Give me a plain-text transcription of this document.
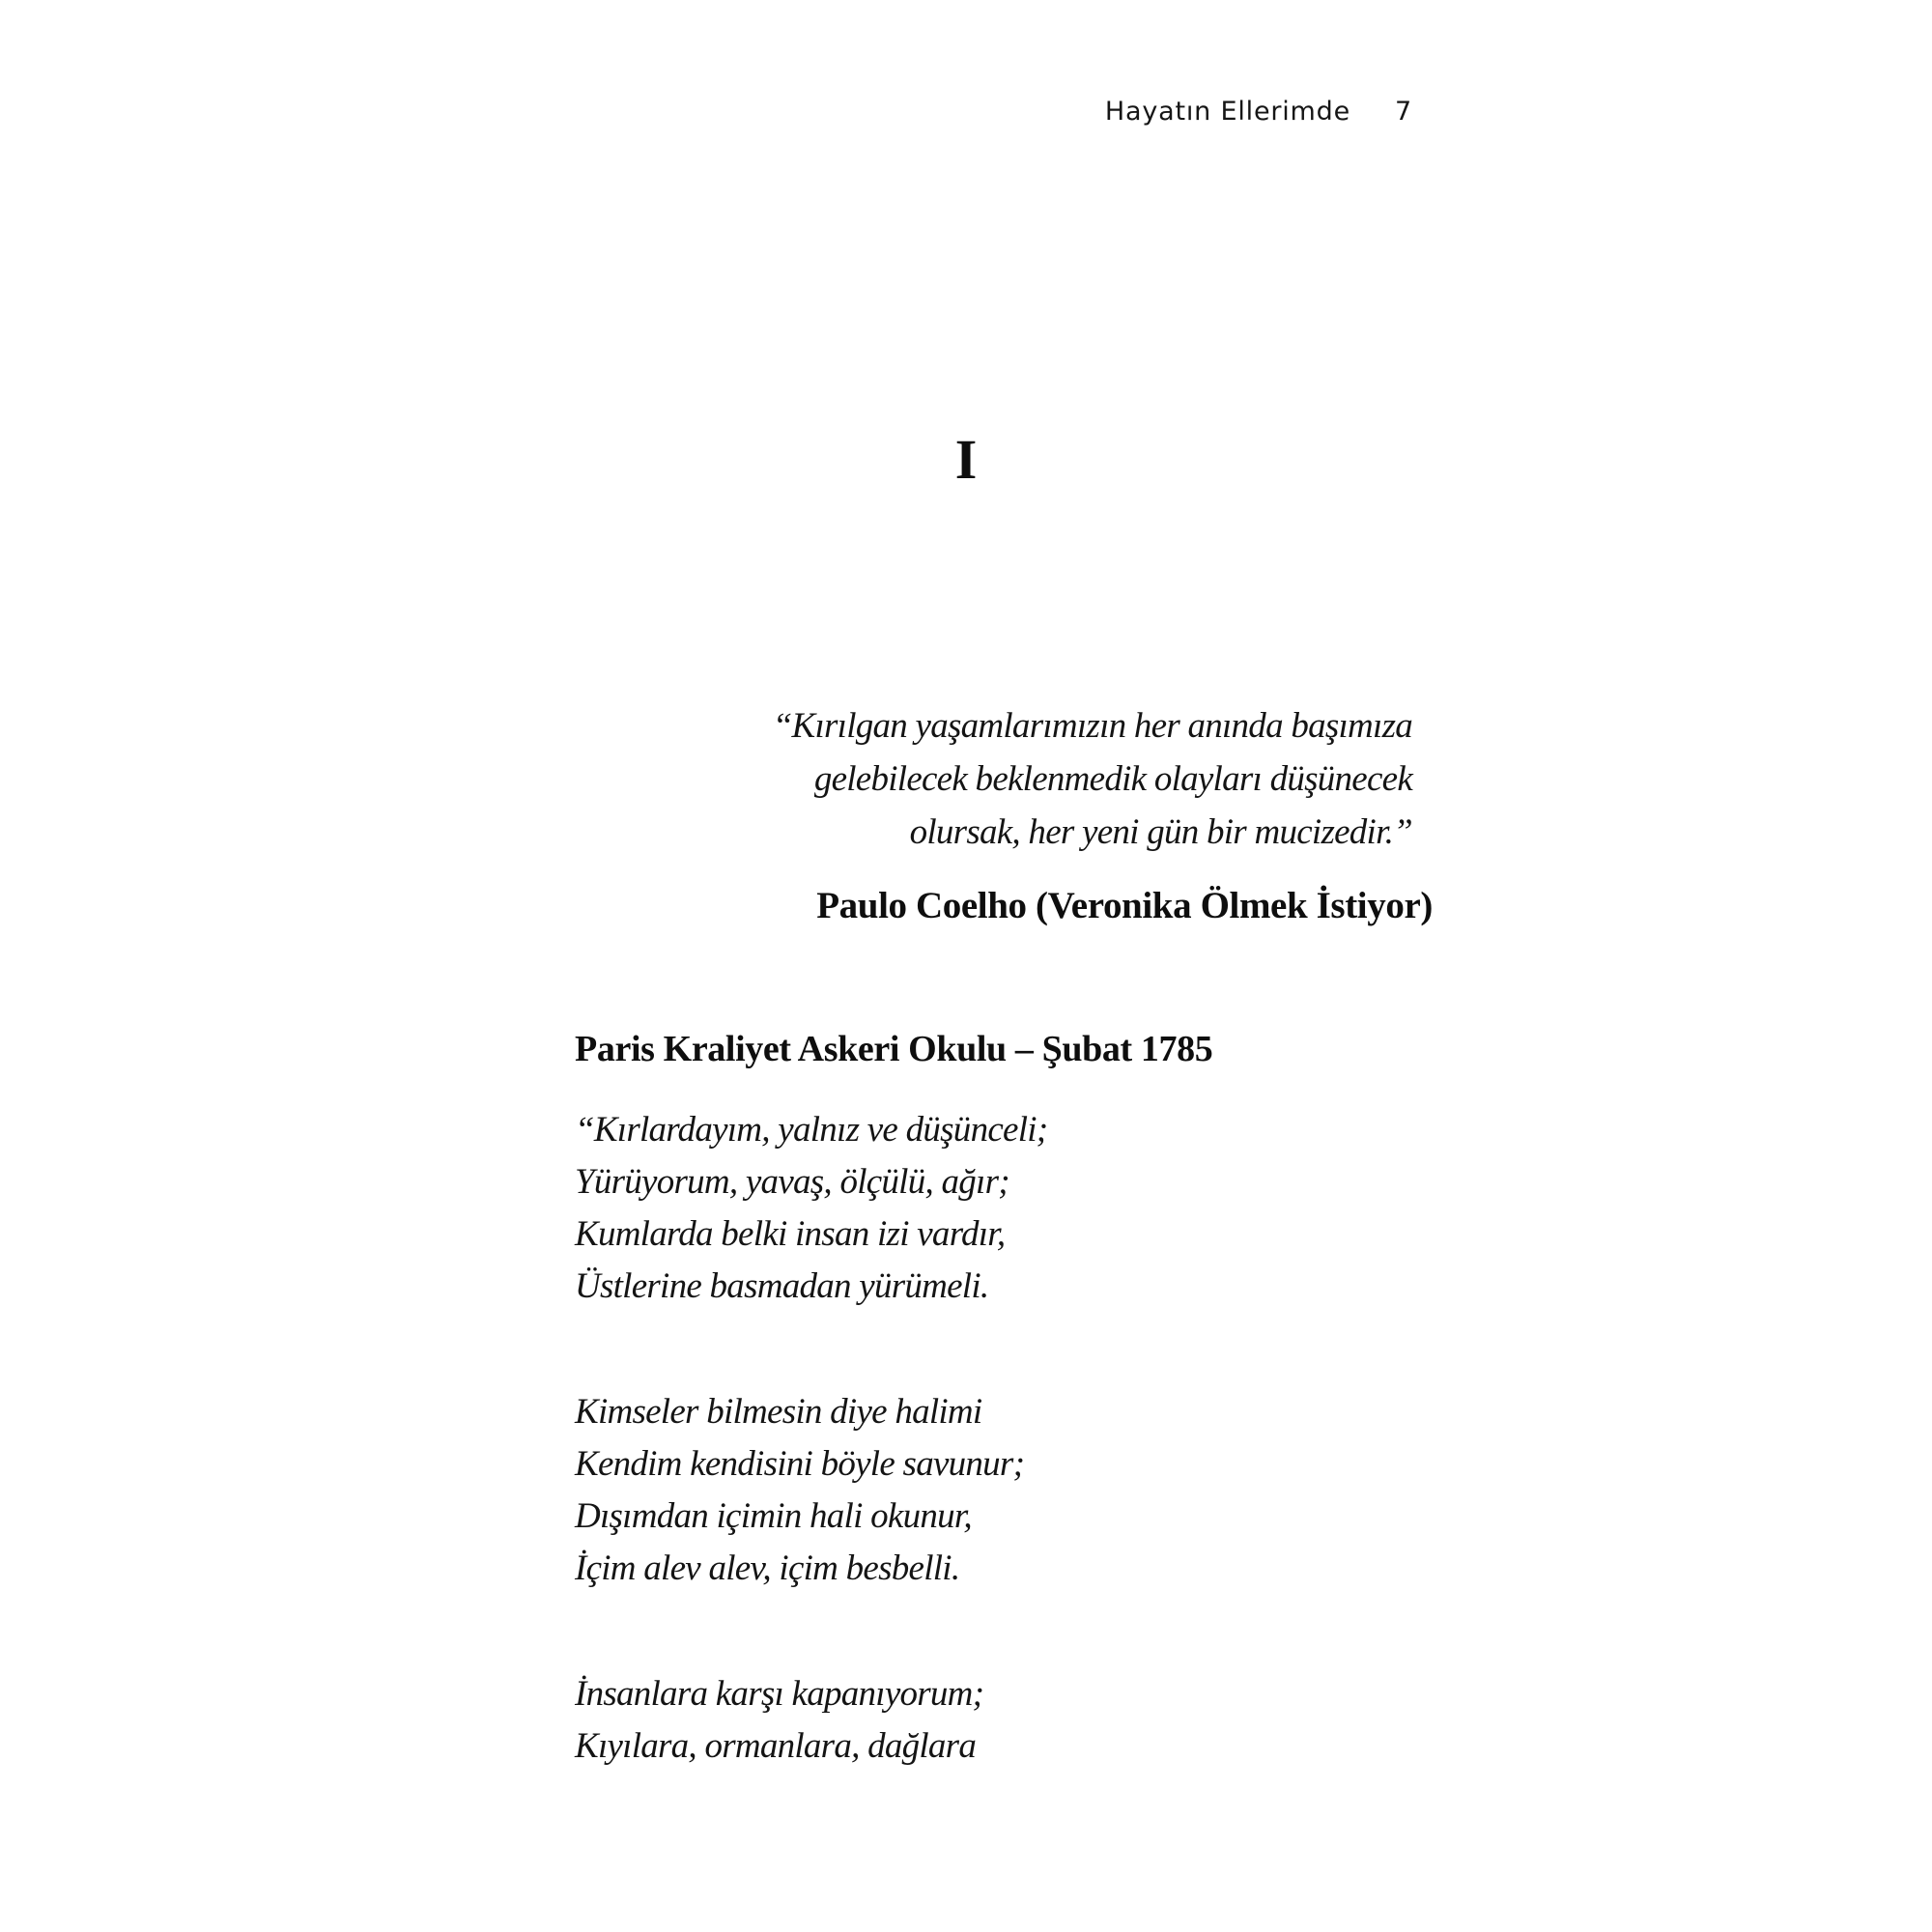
Hayatın Ellerimde 7
I
“Kırılgan yaşamlarımızın her anında başımıza
gelebilecek beklenmedik olayları düşünecek
olursak, her yeni gün bir mucizedir.”
Paulo Coelho (Veronika Ölmek İstiyor)
Paris Kraliyet Askeri Okulu – Şubat 1785
“Kırlardayım, yalnız ve düşünceli;
Yürüyorum, yavaş, ölçülü, ağır;
Kumlarda belki insan izi vardır,
Üstlerine basmadan yürümeli.
Kimseler bilmesin diye halimi
Kendim kendisini böyle savunur;
Dışımdan içimin hali okunur,
İçim alev alev, içim besbelli.
İnsanlara karşı kapanıyorum;
Kıyılara, ormanlara, dağlara
